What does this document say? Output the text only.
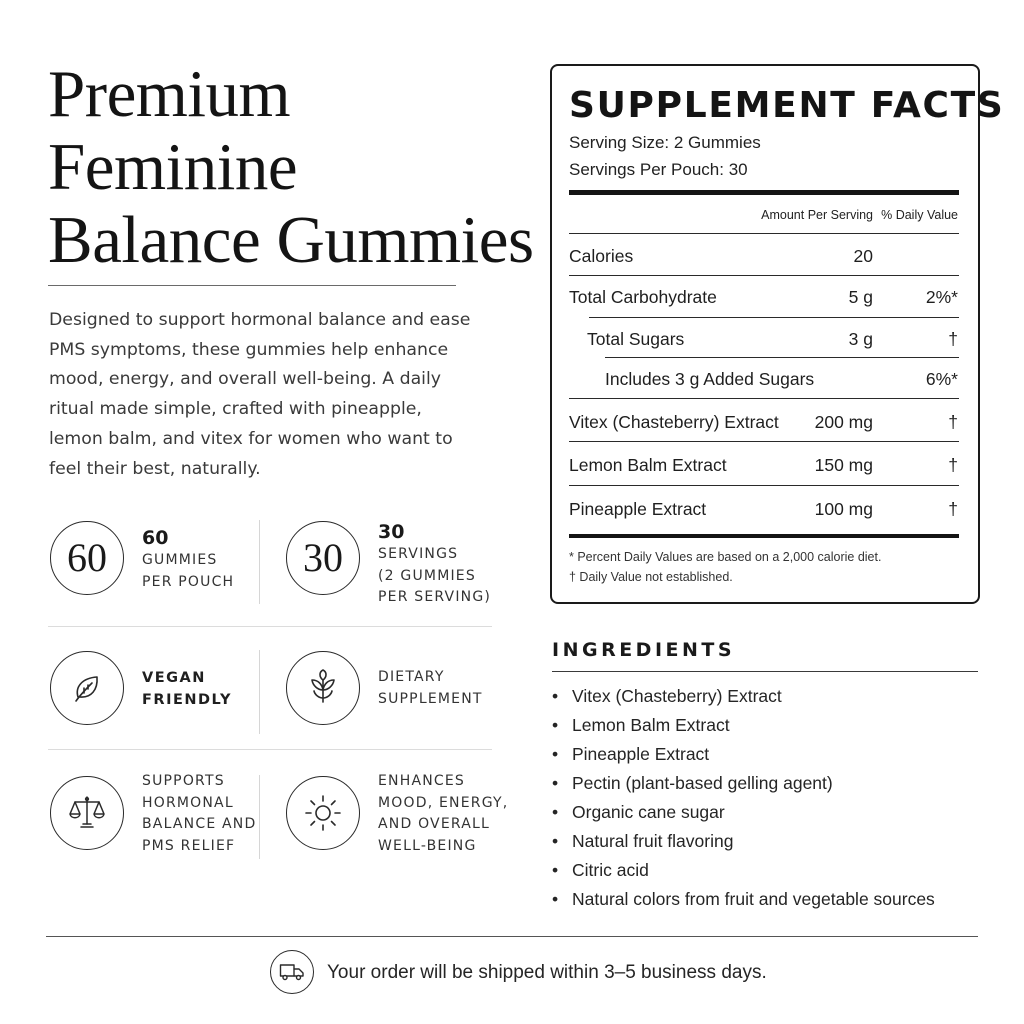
Premium
Feminine
Balance Gummies

Designed to support hormonal balance and ease PMS symptoms, these gummies help enhance mood, energy, and overall well-being. A daily ritual made simple, crafted with pineapple, lemon balm, and vitex for women who want to feel their best, naturally.

60 60
GUMMIES
PER POUCH
30
30
SERVINGS
(2 GUMMIES
PER SERVING)
VEGAN
FRIENDLY
DIETARY
SUPPLEMENT
SUPPORTS
HORMONAL
BALANCE AND
PMS RELIEF
ENHANCES
MOOD, ENERGY,
AND OVERALL
WELL-BEING
SUPPLEMENT FACTS
Serving Size: 2 Gummies
Servings Per Pouch: 30
Amount Per Serving % Daily Value
Calories	20
Total Carbohydrate	5 g	2%*
Total Sugars	3 g	†
Includes 3 g Added Sugars	6%*
Vitex (Chasteberry) Extract 200 mg	†
Lemon Balm Extract	150 mg	†
Pineapple Extract	100 mg	†
* Percent Daily Values are based on a 2,000 calorie diet.
† Daily Value not established.
INGREDIENTS
• Vitex (Chasteberry) Extract
• Lemon Balm Extract
• Pineapple Extract
• Pectin (plant-based gelling agent)
• Organic cane sugar
• Natural fruit flavoring
• Citric acid
• Natural colors from fruit and vegetable sources
Your order will be shipped within 3–5 business days.
